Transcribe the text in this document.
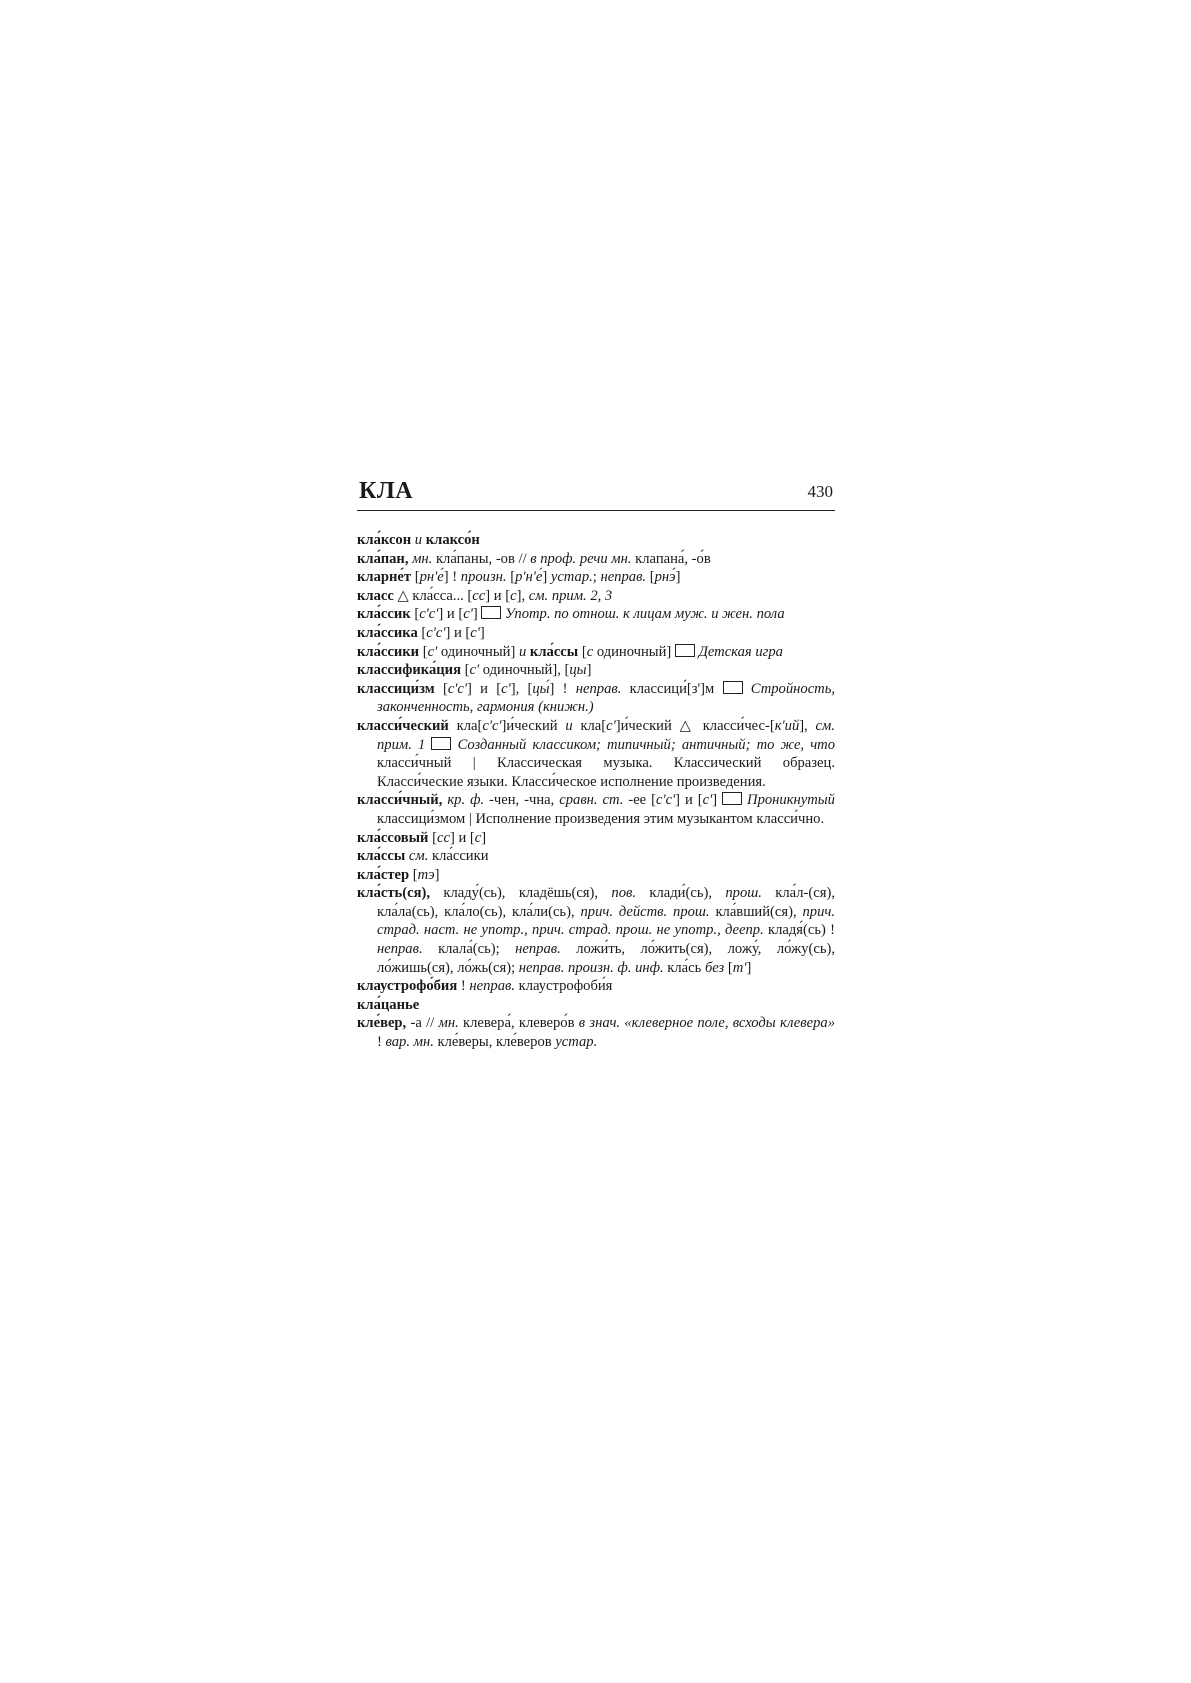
КЛА	430
кла́ксон и клаксо́н
кла́пан, мн. кла́паны, -ов // в проф. речи мн. клапана́, -о́в
кларне́т [рн'е́] ! произн. [р'н'е́] устар.; неправ. [рнэ́]
класс △ кла́сса... [сс] и [с], см. прим. 2, 3
кла́ссик [с'с'] и [с']  Употр. по отнош. к лицам муж. и жен. пола
кла́ссика [с'с'] и [с']
кла́ссики [с' одиночный] и кла́ссы [с одиночный]  Детская игра
классифика́ция [с' одиночный], [цы]
классици́зм [с'с'] и [с'], [цы́] ! неправ. классици́[з']м  Стройность, законченность, гармония (книжн.)
класси́ческий кла[с'с']и́ческий и кла[с']и́ческий △ класси́чес-[к'ий], см. прим. 1  Созданный классиком; типичный; античный; то же, что класси́чный | Классическая музыка. Классический образец. Класси́ческие языки. Класси́ческое исполнение произведения.
класси́чный, кр. ф. -чен, -чна, сравн. ст. -ее [с'с'] и [с']  Проникнутый классици́змом | Исполнение произведения этим музыкантом класси́чно.
кла́ссовый [сс] и [с]
кла́ссы см. кла́ссики
кла́стер [тэ]
кла́сть(ся), кладу́(сь), кладёшь(ся), пов. клади́(сь), прош. кла́л-(ся), кла́ла(сь), кла́ло(сь), кла́ли(сь), прич. действ. прош. кла́вший(ся), прич. страд. наст. не употр., прич. страд. прош. не употр., деепр. кладя́(сь) ! неправ. клала́(сь); неправ. ложи́ть, ло́жить(ся), ложу́, ло́жу(сь), ло́жишь(ся), ло́жь(ся); неправ. произн. ф. инф. кла́сь без [т']
клаустрофо́бия ! неправ. клаустрофоби́я
кла́цанье
кле́вер, -а // мн. клевера́, клеверо́в в знач. «клеверное поле, всходы клевера» ! вар. мн. кле́веры, кле́веров устар.
